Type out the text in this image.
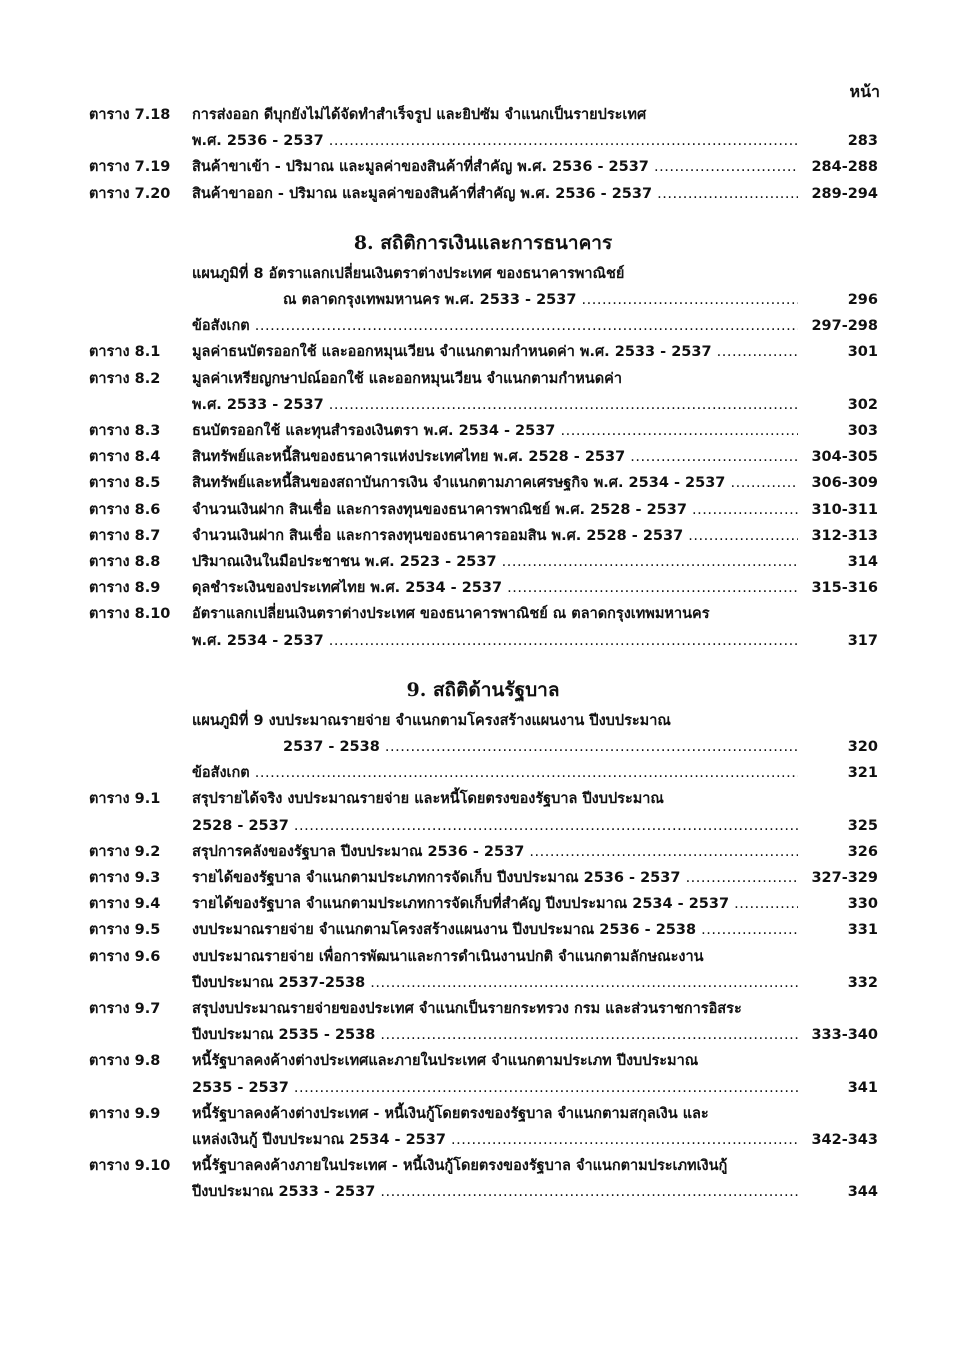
หน้า
ตาราง 7.18 การส่งออก ดีบุกยังไม่ได้จัดทำสำเร็จรูป และยิปซัม จำแนกเป็นรายประเทศ
พ.ศ. 2536 - 2537 .....	283
ตาราง 7.19 สินค้าขาเข้า - ปริมาณ และมูลค่าของสินค้าที่สำคัญ พ.ศ. 2536 - 2537 .....	284-288
ตาราง 7.20 สินค้าขาออก - ปริมาณ และมูลค่าของสินค้าที่สำคัญ พ.ศ. 2536 - 2537 .....	289-294
8. สถิติการเงินและการธนาคาร
แผนภูมิที่ 8 อัตราแลกเปลี่ยนเงินตราต่างประเทศ ของธนาคารพาณิชย์
ณ ตลาดกรุงเทพมหานคร พ.ศ. 2533 - 2537 .....	296
ข้อสังเกต .....	297-298
ตาราง 8.1 มูลค่าธนบัตรออกใช้ และออกหมุนเวียน จำแนกตามกำหนดค่า พ.ศ. 2533 - 2537 .....	301
ตาราง 8.2 มูลค่าเหรียญกษาปณ์ออกใช้ และออกหมุนเวียน จำแนกตามกำหนดค่า
พ.ศ. 2533 - 2537 .....	302
ตาราง 8.3 ธนบัตรออกใช้ และทุนสำรองเงินตรา พ.ศ. 2534 - 2537 .....	303
ตาราง 8.4 สินทรัพย์และหนี้สินของธนาคารแห่งประเทศไทย พ.ศ. 2528 - 2537 .....	304-305
ตาราง 8.5 สินทรัพย์และหนี้สินของสถาบันการเงิน จำแนกตามภาคเศรษฐกิจ พ.ศ. 2534 - 2537 .....	306-309
ตาราง 8.6 จำนวนเงินฝาก สินเชื่อ และการลงทุนของธนาคารพาณิชย์ พ.ศ. 2528 - 2537 .....	310-311
ตาราง 8.7 จำนวนเงินฝาก สินเชื่อ และการลงทุนของธนาคารออมสิน พ.ศ. 2528 - 2537 .....	312-313
ตาราง 8.8 ปริมาณเงินในมือประชาชน พ.ศ. 2523 - 2537 .....	314
ตาราง 8.9 ดุลชำระเงินของประเทศไทย พ.ศ. 2534 - 2537 .....	315-316
ตาราง 8.10 อัตราแลกเปลี่ยนเงินตราต่างประเทศ ของธนาคารพาณิชย์ ณ ตลาดกรุงเทพมหานคร
พ.ศ. 2534 - 2537 .....	317
9. สถิติด้านรัฐบาล
แผนภูมิที่ 9 งบประมาณรายจ่าย จำแนกตามโครงสร้างแผนงาน ปีงบประมาณ
2537 - 2538 .....	320
ข้อสังเกต .....	321
ตาราง 9.1 สรุปรายได้จริง งบประมาณรายจ่าย และหนี้โดยตรงของรัฐบาล ปีงบประมาณ
2528 - 2537 .....	325
ตาราง 9.2 สรุปการคลังของรัฐบาล ปีงบประมาณ 2536 - 2537 .....	326
ตาราง 9.3 รายได้ของรัฐบาล จำแนกตามประเภทการจัดเก็บ ปีงบประมาณ 2536 - 2537 .....	327-329
ตาราง 9.4 รายได้ของรัฐบาล จำแนกตามประเภทการจัดเก็บที่สำคัญ ปีงบประมาณ 2534 - 2537 .....	330
ตาราง 9.5 งบประมาณรายจ่าย จำแนกตามโครงสร้างแผนงาน ปีงบประมาณ 2536 - 2538 .....	331
ตาราง 9.6 งบประมาณรายจ่าย เพื่อการพัฒนาและการดำเนินงานปกติ จำแนกตามลักษณะงาน
ปีงบประมาณ 2537-2538 .....	332
ตาราง 9.7 สรุปงบประมาณรายจ่ายของประเทศ จำแนกเป็นรายกระทรวง กรม และส่วนราชการอิสระ
ปีงบประมาณ 2535 - 2538 .....	333-340
ตาราง 9.8 หนี้รัฐบาลคงค้างต่างประเทศและภายในประเทศ จำแนกตามประเภท ปีงบประมาณ
2535 - 2537 .....	341
ตาราง 9.9 หนี้รัฐบาลคงค้างต่างประเทศ - หนี้เงินกู้โดยตรงของรัฐบาล จำแนกตามสกุลเงิน และ
แหล่งเงินกู้ ปีงบประมาณ 2534 - 2537 .....	342-343
ตาราง 9.10 หนี้รัฐบาลคงค้างภายในประเทศ - หนี้เงินกู้โดยตรงของรัฐบาล จำแนกตามประเภทเงินกู้
ปีงบประมาณ 2533 - 2537 .....	344
